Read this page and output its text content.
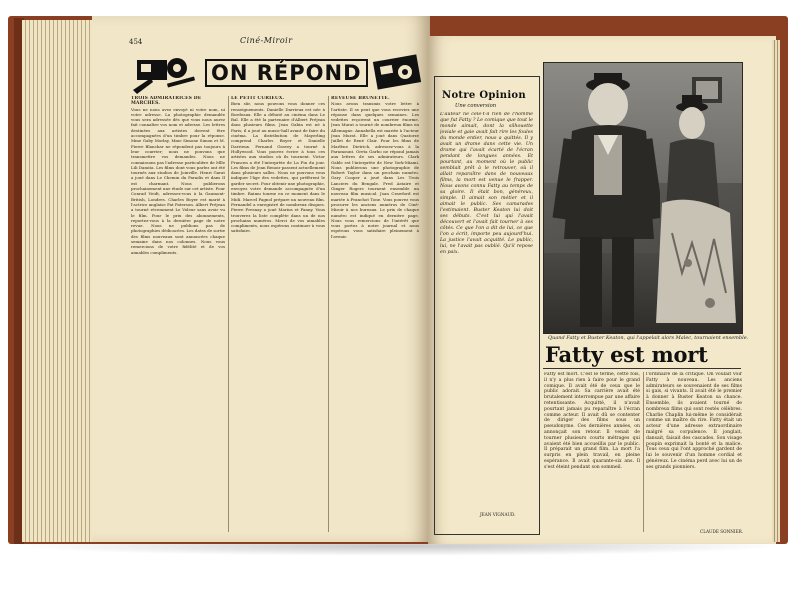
454	Ciné-Miroir
ON RÉPOND
TROIS ADMIRATRICES DE MARCHES.

Vous ne nous avez envoyé ni votre nom, ni votre adresse. La photographie demandée vous sera adressée dès que vous nous aurez fait connaître vos nom et adresse. Les lettres destinées aux artistes doivent être accompagnées d'un timbre pour la réponse. Mme Gaby Morlay, Mme Simone Simon et M. Pierre Blanchar ne répondent pas toujours à leur courrier; nous ne pouvons que transmettre vos demandes. Nous ne connaissons pas l'adresse particulière de Mlle Lili Damita. Les films dont vous parlez ont été tournés aux studios de Joinville. Henri Garat a joué dans Le Chemin du Paradis et dans Il est charmant. Nous publierons prochainement une étude sur cet artiste. Pour Conrad Veidt, adressez-vous à la Gaumont-British, Londres. Charles Boyer est marié à l'actrice anglaise Pat Paterson. Albert Préjean a tourné récemment Le Voleur sans avoir vu le film. Pour le prix des abonnements, reportez-vous à la dernière page de notre revue. Nous ne publions pas de photographies dédicacées. Les dates de sortie des films nouveaux sont annoncées chaque semaine dans nos colonnes. Nous vous remercions de votre fidélité et de vos aimables compliments.

LE PETIT CURIEUX.

Bien sûr, nous pouvons vous donner ces renseignements. Danielle Darrieux est née à Bordeaux. Elle a débuté au cinéma dans Le Bal. Elle a été la partenaire d'Albert Préjean dans plusieurs films. Jean Gabin est né à Paris; il a joué au music-hall avant de faire du cinéma. La distribution de Mayerling comprend Charles Boyer et Danielle Darrieux. Fernand Gravey a tourné à Hollywood. Vous pouvez écrire à tous ces artistes aux studios où ils tournent. Victor Francen a été l'interprète de La Fin du jour. Les films de Jean Renoir passent actuellement dans plusieurs salles. Nous ne pouvons vous indiquer l'âge des vedettes, qui préfèrent le garder secret. Pour obtenir une photographie, envoyez votre demande accompagnée d'un timbre. Raimu tourne en ce moment dans le Midi. Marcel Pagnol prépare un nouveau film. Fernandel a enregistré de nombreux disques. Pierre Fresnay a joué Marius et Fanny. Vous trouverez la liste complète dans un de nos prochains numéros. Merci de vos aimables compliments, nous espérons continuer à vous satisfaire.

RÊVEUSE BRUNETTE.

Nous avons transmis votre lettre à l'artiste. Il se peut que vous receviez une réponse dans quelques semaines. Les vedettes reçoivent un courrier énorme. Jean Murat a tourné de nombreux films en Allemagne. Annabella est mariée à l'acteur Jean Murat. Elle a joué dans Quatorze Juillet de René Clair. Pour les films de Marlène Dietrich, adressez-vous à la Paramount. Greta Garbo ne répond jamais aux lettres de ses admirateurs. Clark Gable est l'interprète de New York-Miami. Nous publierons une photographie de Robert Taylor dans un prochain numéro. Gary Cooper a joué dans Les Trois Lanciers du Bengale. Fred Astaire et Ginger Rogers tournent ensemble un nouveau film musical. Joan Crawford est mariée à Franchot Tone. Vous pouvez vous procurer les anciens numéros de Ciné-Miroir à nos bureaux. Le prix de chaque numéro est indiqué en dernière page. Nous vous remercions de l'intérêt que vous portez à notre journal et nous espérons vous satisfaire pleinement à l'avenir.

Notre Opinion
Une conversion
L'auteur ne cèle-t-il rien de l'homme que fut Fatty ? Le comique que tout le monde aimait, dont la silhouette joviale et gaie avait fait rire les foules du monde entier, nous a quittés. Il y avait un drame dans cette vie. Un drame qui l'avait écarté de l'écran pendant de longues années. Et pourtant, au moment où le public semblait prêt à le retrouver, où il allait reparaître dans de nouveaux films, la mort est venue le frapper. Nous avons connu Fatty au temps de sa gloire. Il était bon, généreux, simple. Il aimait son métier et il aimait le public. Ses camarades l'estimaient. Buster Keaton lui doit ses débuts. C'est lui qui l'avait découvert et l'avait fait tourner à ses côtés. Ce que l'on a dit de lui, ce que l'on a écrit, importe peu aujourd'hui. La justice l'avait acquitté. Le public, lui, ne l'avait pas oublié. Qu'il repose en paix.
JEAN VIGNAUD.
Quand Fatty et Buster Keaton, qui l'appelait alors Malec, tournaient ensemble.
Fatty est mort

Fatty est mort. C'est le terme, cette fois, il n'y a plus rien à faire pour le grand comique. Il avait été de ceux que le public adorait. Sa carrière avait été brutalement interrompue par une affaire retentissante. Acquitté, il n'avait pourtant jamais pu reparaître à l'écran comme acteur. Il avait dû se contenter de diriger des films sous un pseudonyme. Ces dernières années, on annonçait son retour. Il venait de tourner plusieurs courts métrages qui avaient été bien accueillis par le public. Il préparait un grand film. La mort l'a surpris en plein travail, en pleine espérance. Il avait quarante-six ans. Il s'est éteint pendant son sommeil.

l'ordinaire de la critique. On voulait voir Fatty à nouveau. Les anciens admirateurs se souvenaient de ses films si gais, si vivants. Il avait été le premier à donner à Buster Keaton sa chance. Ensemble, ils avaient tourné de nombreux films qui sont restés célèbres. Charlie Chaplin lui-même le considérait comme un maître du rire. Fatty était un acteur d'une adresse extraordinaire malgré sa corpulence. Il jonglait, dansait, faisait des cascades. Son visage poupin exprimait la bonté et la malice. Tous ceux qui l'ont approché gardent de lui le souvenir d'un homme cordial et généreux. Le cinéma perd avec lui un de ses grands pionniers.

CLAUDE SONNIER.
